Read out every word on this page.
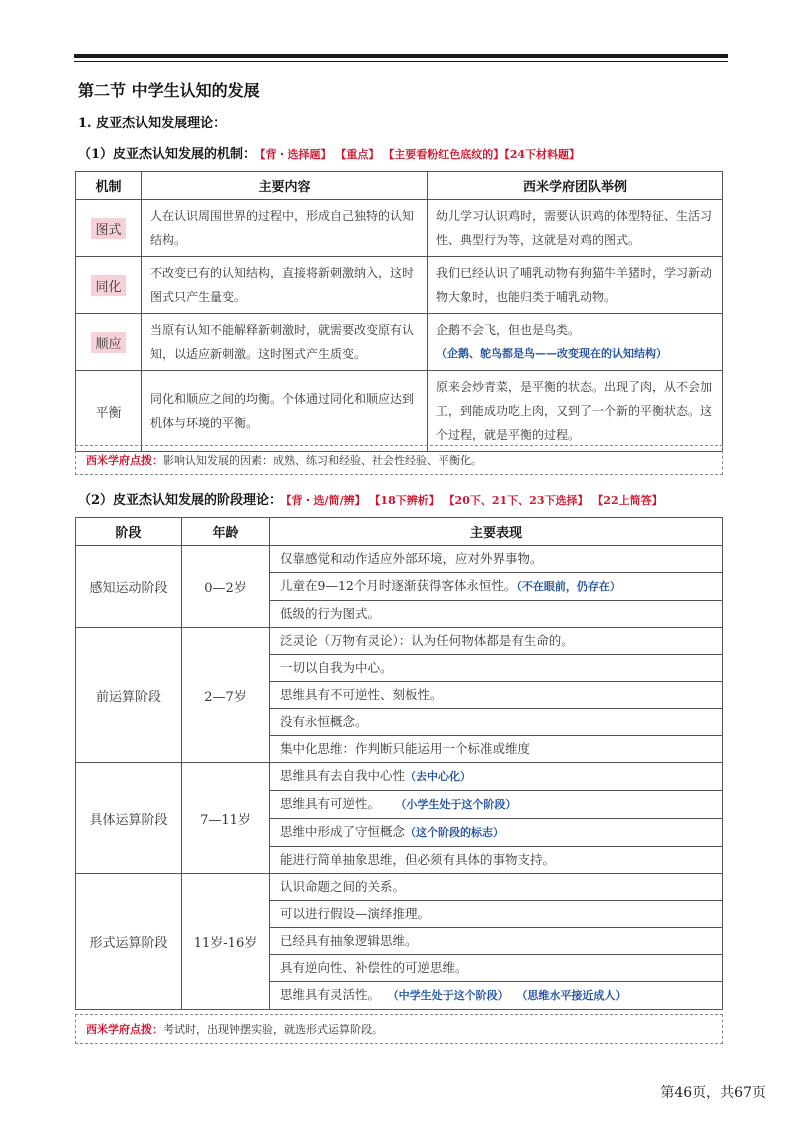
第二节 中学生认知的发展
1. 皮亚杰认知发展理论：
（1）皮亚杰认知发展的机制： 【背・选择题】 【重点】 【主要看粉红色底纹的】【24下材料题】
机制	主要内容	西米学府团队举例
图式	人在认识周围世界的过程中，形成自己独特的认知结构。	幼儿学习认识鸡时，需要认识鸡的体型特征、生活习性、典型行为等，这就是对鸡的图式。
同化	不改变已有的认知结构，直接将新刺激纳入，这时图式只产生量变。	我们已经认识了哺乳动物有狗猫牛羊猪时，学习新动物大象时，也能归类于哺乳动物。
顺应	当原有认知不能解释新刺激时，就需要改变原有认知，以适应新刺激。这时图式产生质变。	企鹅不会飞，但也是鸟类。
（企鹅、鸵鸟都是鸟——改变现在的认知结构）

平衡	同化和顺应之间的均衡。个体通过同化和顺应达到机体与环境的平衡。	原来会炒青菜，是平衡的状态。出现了肉，从不会加工，到能成功吃上肉，又到了一个新的平衡状态。这个过程，就是平衡的过程。
西米学府点拨：影响认知发展的因素：成熟、练习和经验、社会性经验、平衡化。
（2）皮亚杰认知发展的阶段理论： 【背・选/简/辨】 【18下辨析】 【20下、21下、23下选择】 【22上简答】
阶段	年龄	主要表现
感知运动阶段	0—2岁	仅靠感觉和动作适应外部环境，应对外界事物。
		儿童在9—12个月时逐渐获得客体永恒性。（不在眼前，仍存在）
		低级的行为图式。
前运算阶段	2—7岁	泛灵论（万物有灵论）：认为任何物体都是有生命的。
		一切以自我为中心。
		思维具有不可逆性、刻板性。
		没有永恒概念。
		集中化思维：作判断只能运用一个标准或维度
具体运算阶段	7—11岁	思维具有去自我中心性（去中心化）
		思维具有可逆性。    （小学生处于这个阶段）
		思维中形成了守恒概念（这个阶段的标志）
		能进行简单抽象思维，但必须有具体的事物支持。
形式运算阶段	11岁-16岁	认识命题之间的关系。
		可以进行假设—演绎推理。
		已经具有抽象逻辑思维。
		具有逆向性、补偿性的可逆思维。
		思维具有灵活性。  （中学生处于这个阶段）  （思维水平接近成人）
西米学府点拨：考试时，出现钟摆实验，就选形式运算阶段。
第46页，共67页
